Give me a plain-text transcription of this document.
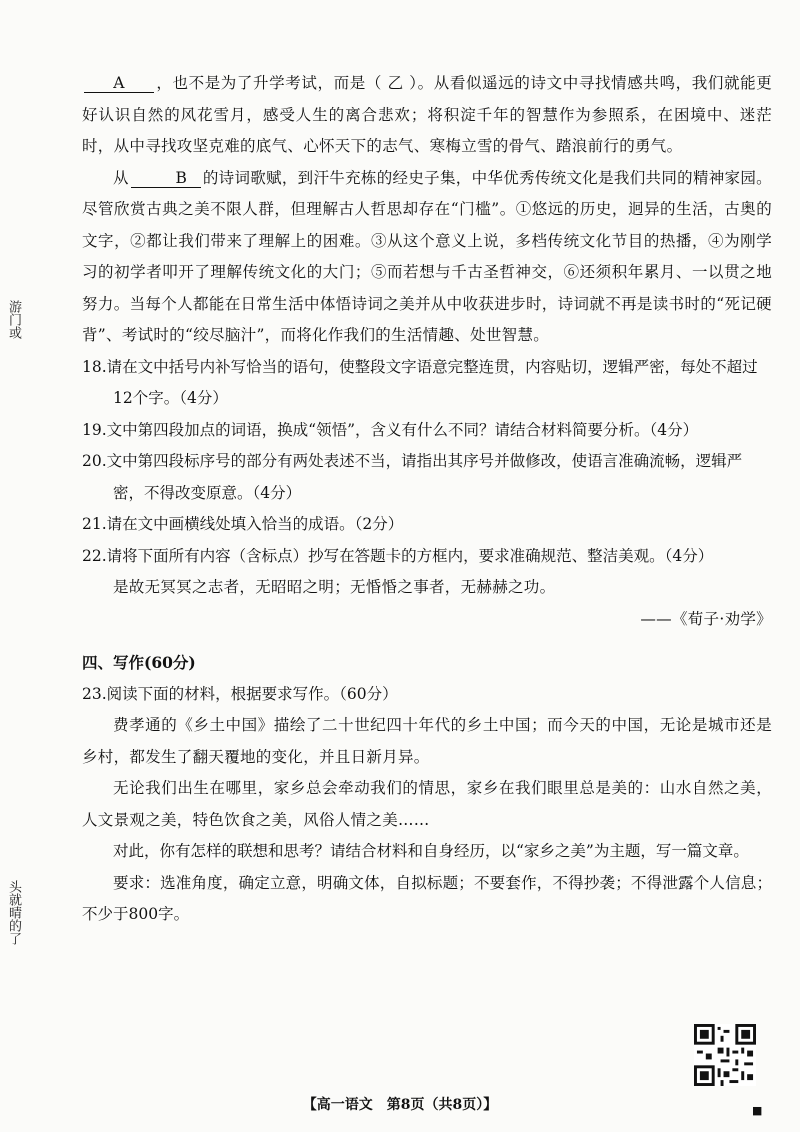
游门或
头就晴的了

A ，也不是为了升学考试，而是（ 乙 ）。从看似遥远的诗文中寻找情感共鸣，我们就能更好认识自然的风花雪月，感受人生的离合悲欢；将积淀千年的智慧作为参照系，在困境中、迷茫时，从中寻找攻坚克难的底气、心怀天下的志气、寒梅立雪的骨气、踏浪前行的勇气。

从	B 的诗词歌赋，到汗牛充栋的经史子集，中华优秀传统文化是我们共同的精神家园。尽管欣赏古典之美不限人群，但理解古人哲思却存在“门槛”。①悠远的历史，迥异的生活，古奥的文字，②都让我们带来了理解上的困难。③从这个意义上说，多档传统文化节目的热播，④为刚学习的初学者叩开了理解传统文化的大门；⑤而若想与千古圣哲神交，⑥还须积年累月、一以贯之地努力。当每个人都能在日常生活中体悟诗词之美并从中收获进步时，诗词就不再是读书时的“死记硬背”、考试时的“绞尽脑汁”，而将化作我们的生活情趣、处世智慧。

18.请在文中括号内补写恰当的语句，使整段文字语意完整连贯，内容贴切，逻辑严密，每处不超过12个字。（4分）

19.文中第四段加点的词语，换成“领悟”，含义有什么不同？请结合材料简要分析。（4分）

20.文中第四段标序号的部分有两处表述不当，请指出其序号并做修改，使语言准确流畅，逻辑严密，不得改变原意。（4分）

21.请在文中画横线处填入恰当的成语。（2分）

22.请将下面所有内容（含标点）抄写在答题卡的方框内，要求准确规范、整洁美观。（4分）

是故无冥冥之志者，无昭昭之明；无惛惛之事者，无赫赫之功。

——《荀子·劝学》

四、写作(60分)

23.阅读下面的材料，根据要求写作。（60分）

费孝通的《乡土中国》描绘了二十世纪四十年代的乡土中国；而今天的中国，无论是城市还是乡村，都发生了翻天覆地的变化，并且日新月异。

无论我们出生在哪里，家乡总会牵动我们的情思，家乡在我们眼里总是美的：山水自然之美，人文景观之美，特色饮食之美，风俗人情之美……

对此，你有怎样的联想和思考？请结合材料和自身经历，以“家乡之美”为主题，写一篇文章。

要求：选准角度，确定立意，明确文体，自拟标题；不要套作，不得抄袭；不得泄露个人信息；不少于800字。

【高一语文　第8页（共8页）】	■
